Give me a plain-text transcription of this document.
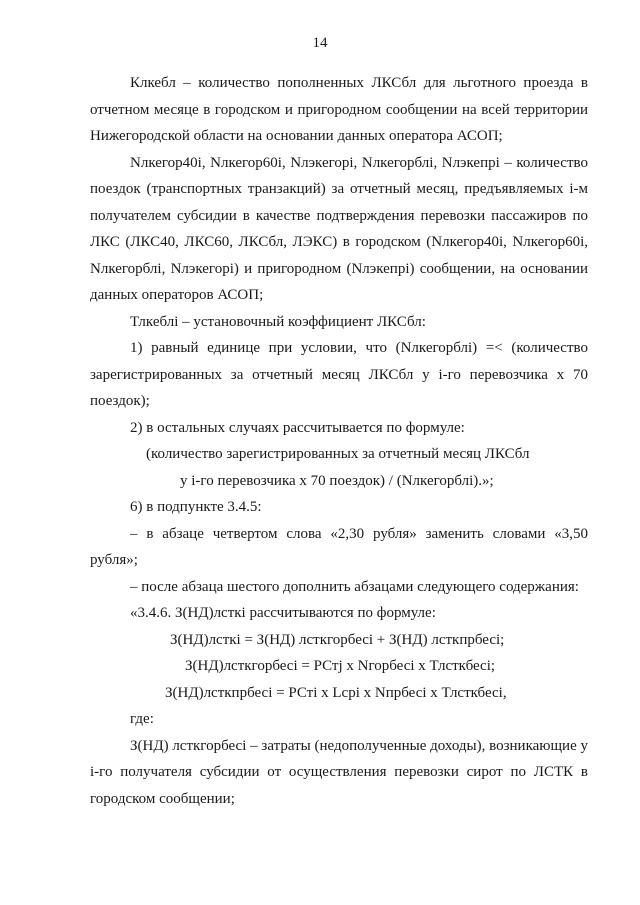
14

Клкебл – количество пополненных ЛКСбл для льготного проезда в отчетном месяце в городском и пригородном сообщении на всей территории Нижегородской области на основании данных оператора АСОП;

Nлкегор40i, Nлкегор60i, Nлэкегорi, Nлкегорблi, Nлэкепрi – количество поездок (транспортных транзакций) за отчетный месяц, предъявляемых i-м получателем субсидии в качестве подтверждения перевозки пассажиров по ЛКС (ЛКС40, ЛКС60, ЛКСбл, ЛЭКС) в городском (Nлкегор40i, Nлкегор60i, Nлкегорблi, Nлэкегорi) и пригородном (Nлэкепрi) сообщении, на основании данных операторов АСОП;

Тлкеблi – установочный коэффициент ЛКСбл:

1) равный единице при условии, что (Nлкегорблi) =< (количество зарегистрированных за отчетный месяц ЛКСбл у i-го перевозчика х 70 поездок);

2) в остальных случаях рассчитывается по формуле:

(количество зарегистрированных за отчетный месяц ЛКСбл

у i-го перевозчика х 70 поездок) / (Nлкегорблi).»;

6) в подпункте 3.4.5:

– в абзаце четвертом слова «2,30 рубля» заменить словами «3,50 рубля»;

– после абзаца шестого дополнить абзацами следующего содержания:

«3.4.6. З(НД)лсткi рассчитываются по формуле:

З(НД)лсткi = З(НД) лсткгорбесi + З(НД) лсткпрбесi;

З(НД)лсткгорбесi = РСтj х Nгорбесi х Тлсткбесi;

З(НД)лсткпрбесi = РСтi х Lсрi х Nпрбесi х Тлсткбесi,

где:

З(НД) лсткгорбесi – затраты (недополученные доходы), возникающие у i-го получателя субсидии от осуществления перевозки сирот по ЛСТК в городском сообщении;
